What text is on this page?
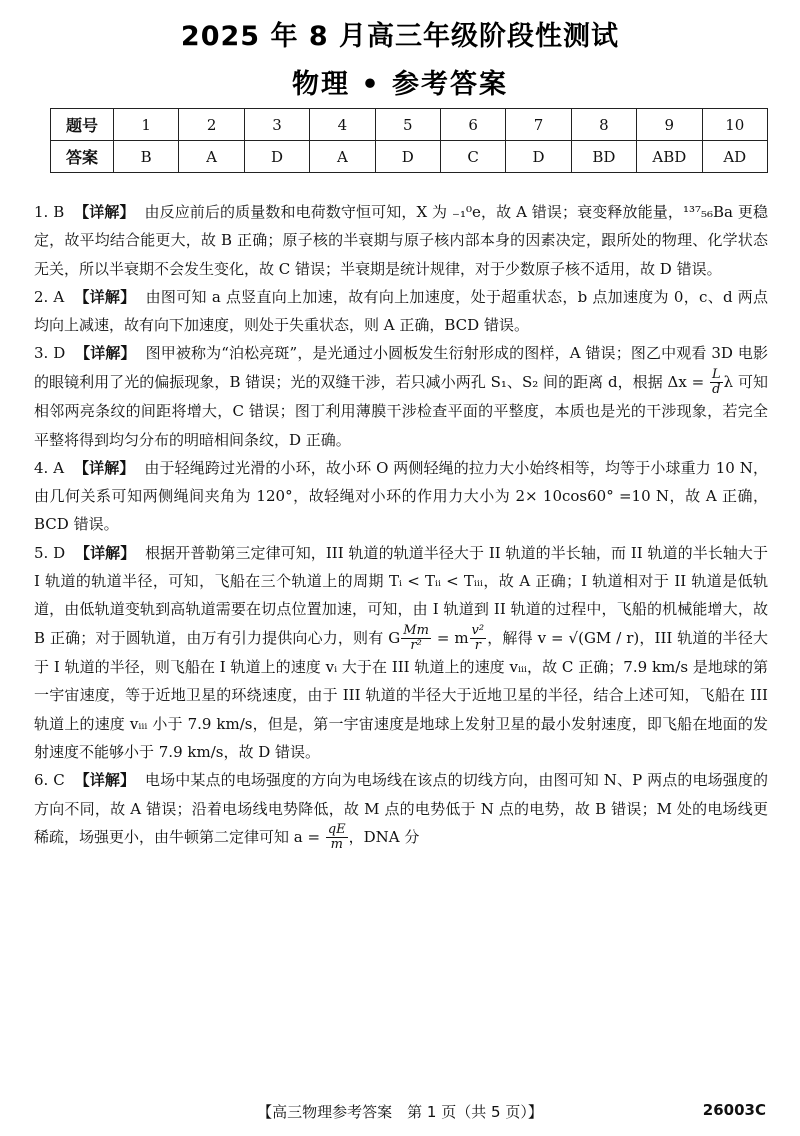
2025 年 8 月高三年级阶段性测试
物理 • 参考答案
题号	1	2	3	4	5	6	7	8	9	10
答案	B	A	D	A	D	C	D	BD	ABD	AD

1. B 【详解】 由反应前后的质量数和电荷数守恒可知，X 为 ₋₁⁰e，故 A 错误；衰变释放能量，¹³⁷₅₆Ba 更稳定，故平均结合能更大，故 B 正确；原子核的半衰期与原子核内部本身的因素决定，跟所处的物理、化学状态无关，所以半衰期不会发生变化，故 C 错误；半衰期是统计规律，对于少数原子核不适用，故 D 错误。

2. A 【详解】 由图可知 a 点竖直向上加速，故有向上加速度，处于超重状态，b 点加速度为 0，c、d 两点均向上减速，故有向下加速度，则处于失重状态，则 A 正确，BCD 错误。

3. D 【详解】 图甲被称为“泊松亮斑”，是光通过小圆板发生衍射形成的图样，A 错误；图乙中观看 3D 电影的眼镜利用了光的偏振现象，B 错误；光的双缝干涉，若只减小两孔 S₁、S₂ 间的距离 d，根据 $\Delta x = \frac{L}{d}$ λ 可知相邻两亮条纹的间距将增大，C 错误；图丁利用薄膜干涉检查平面的平整度，本质也是光的干涉现象，若完全平整将得到均匀分布的明暗相间条纹，D 正确。

4. A 【详解】 由于轻绳跨过光滑的小环，故小环 O 两侧轻绳的拉力大小始终相等，均等于小球重力 10 N，由几何关系可知两侧绳间夹角为 120°，故轻绳对小环的作用力大小为 2× 10cos60° =10 N，故 A 正确，BCD 错误。

5. D 【详解】 根据开普勒第三定律可知，III 轨道的轨道半径大于 II 轨道的半长轴，而 II 轨道的半长轴大于 I 轨道的轨道半径，可知，飞船在三个轨道上的周期 Tᵢ < Tᵢᵢ < Tᵢᵢᵢ，故 A 正确；I 轨道相对于 II 轨道是低轨道，由低轨道变轨到高轨道需要在切点位置加速，可知，由 I 轨道到 II 轨道的过程中，飞船的机械能增大，故 B 正确；对于圆轨道，由万有引力提供向心力，则有 G $\frac{Mm}{\text{r²}} = m \frac{\text{v²}}{r}$ ，解得 v = √(GM / r)，III 轨道的半径大于 I 轨道的半径，则飞船在 I 轨道上的速度 vᵢ 大于在 III 轨道上的速度 vᵢᵢᵢ，故 C 正确；7.9 km/s 是地球的第一宇宙速度，等于近地卫星的环绕速度，由于 III 轨道的半径大于近地卫星的半径，结合上述可知，飞船在 III 轨道上的速度 vᵢᵢᵢ 小于 7.9 km/s，但是，第一宇宙速度是地球上发射卫星的最小发射速度，即飞船在地面的发射速度不能够小于 7.9 km/s，故 D 错误。

6. C 【详解】 电场中某点的电场强度的方向为电场线在该点的切线方向，由图可知 N、P 两点的电场强度的方向不同，故 A 错误；沿着电场线电势降低，故 M 点的电势低于 N 点的电势，故 B 错误；M 处的电场线更稀疏，场强更小，由牛顿第二定律可知 $a = \frac{qE}{m}$ ，DNA 分

【高三物理参考答案　第 1 页（共 5 页）】	26003C
